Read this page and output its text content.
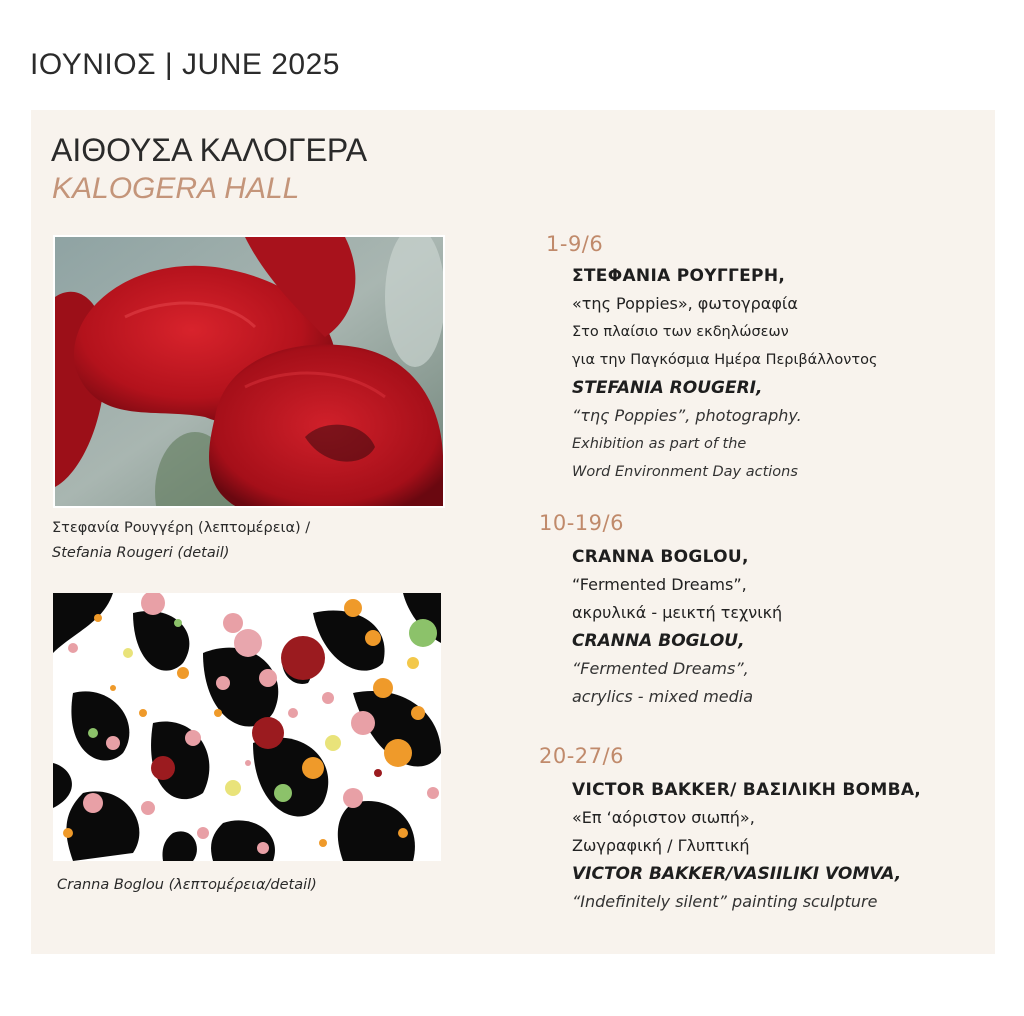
ΙΟΥΝΙΟΣ | JUNE 2025
ΑΙΘΟΥΣΑ ΚΑΛΟΓΕΡΑ
KALOGERA HALL
Στεφανία Ρουγγέρη (λεπτομέρεια) /
Stefania Rougeri (detail)
Cranna Boglou (λεπτομέρεια/detail)
1-9/6
ΣΤΕΦΑΝΙΑ ΡΟΥΓΓΕΡΗ,
«της Poppies», φωτογραφία
Στο πλαίσιο των εκδηλώσεων
για την Παγκόσμια Ημέρα Περιβάλλοντος
STEFANIA ROUGERI,
“της Poppies”, photography.
Exhibition as part of the
Word Environment Day actions
10-19/6
CRANNA BOGLOU,
“Fermented Dreams”,
ακρυλικά - μεικτή τεχνική
CRANNA BOGLOU,
“Fermented Dreams”,
acrylics - mixed media
20-27/6
VICTOR BAKKER/ ΒΑΣΙΛΙΚΗ ΒΟΜΒΑ,
«Επ ‘αόριστον σιωπή»,
Ζωγραφική / Γλυπτική
VICTOR BAKKER/VASIILIKI VOMVA,
“Indefinitely silent” painting sculpture
